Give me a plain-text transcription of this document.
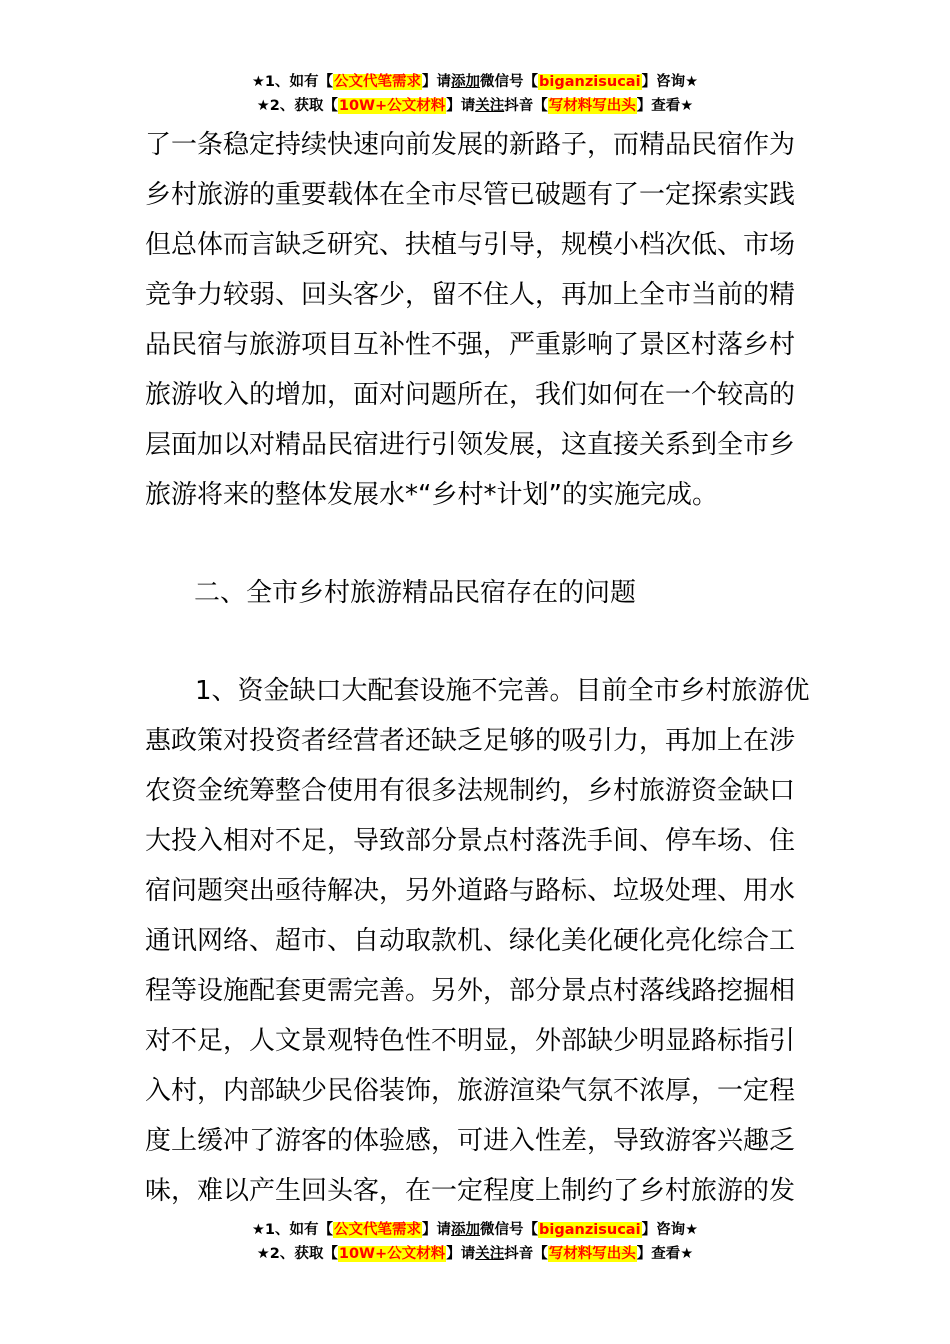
★1、如有【公文代笔需求】请添加微信号【biganzisucai】咨询★
★2、获取【10W+公文材料】请关注抖音【写材料写出头】查看★
了一条稳定持续快速向前发展的新路子，而精品民宿作为
乡村旅游的重要载体在全市尽管已破题有了一定探索实践
但总体而言缺乏研究、扶植与引导，规模小档次低、市场
竞争力较弱、回头客少，留不住人，再加上全市当前的精
品民宿与旅游项目互补性不强，严重影响了景区村落乡村
旅游收入的增加，面对问题所在，我们如何在一个较高的
层面加以对精品民宿进行引领发展，这直接关系到全市乡
旅游将来的整体发展水*“乡村*计划”的实施完成。
二、全市乡村旅游精品民宿存在的问题
1、资金缺口大配套设施不完善。目前全市乡村旅游优
惠政策对投资者经营者还缺乏足够的吸引力，再加上在涉
农资金统筹整合使用有很多法规制约，乡村旅游资金缺口
大投入相对不足，导致部分景点村落洗手间、停车场、住
宿问题突出亟待解决，另外道路与路标、垃圾处理、用水
通讯网络、超市、自动取款机、绿化美化硬化亮化综合工
程等设施配套更需完善。另外，部分景点村落线路挖掘相
对不足，人文景观特色性不明显，外部缺少明显路标指引
入村，内部缺少民俗装饰，旅游渲染气氛不浓厚，一定程
度上缓冲了游客的体验感，可进入性差，导致游客兴趣乏
味，难以产生回头客，在一定程度上制约了乡村旅游的发
★1、如有【公文代笔需求】请添加微信号【biganzisucai】咨询★
★2、获取【10W+公文材料】请关注抖音【写材料写出头】查看★
